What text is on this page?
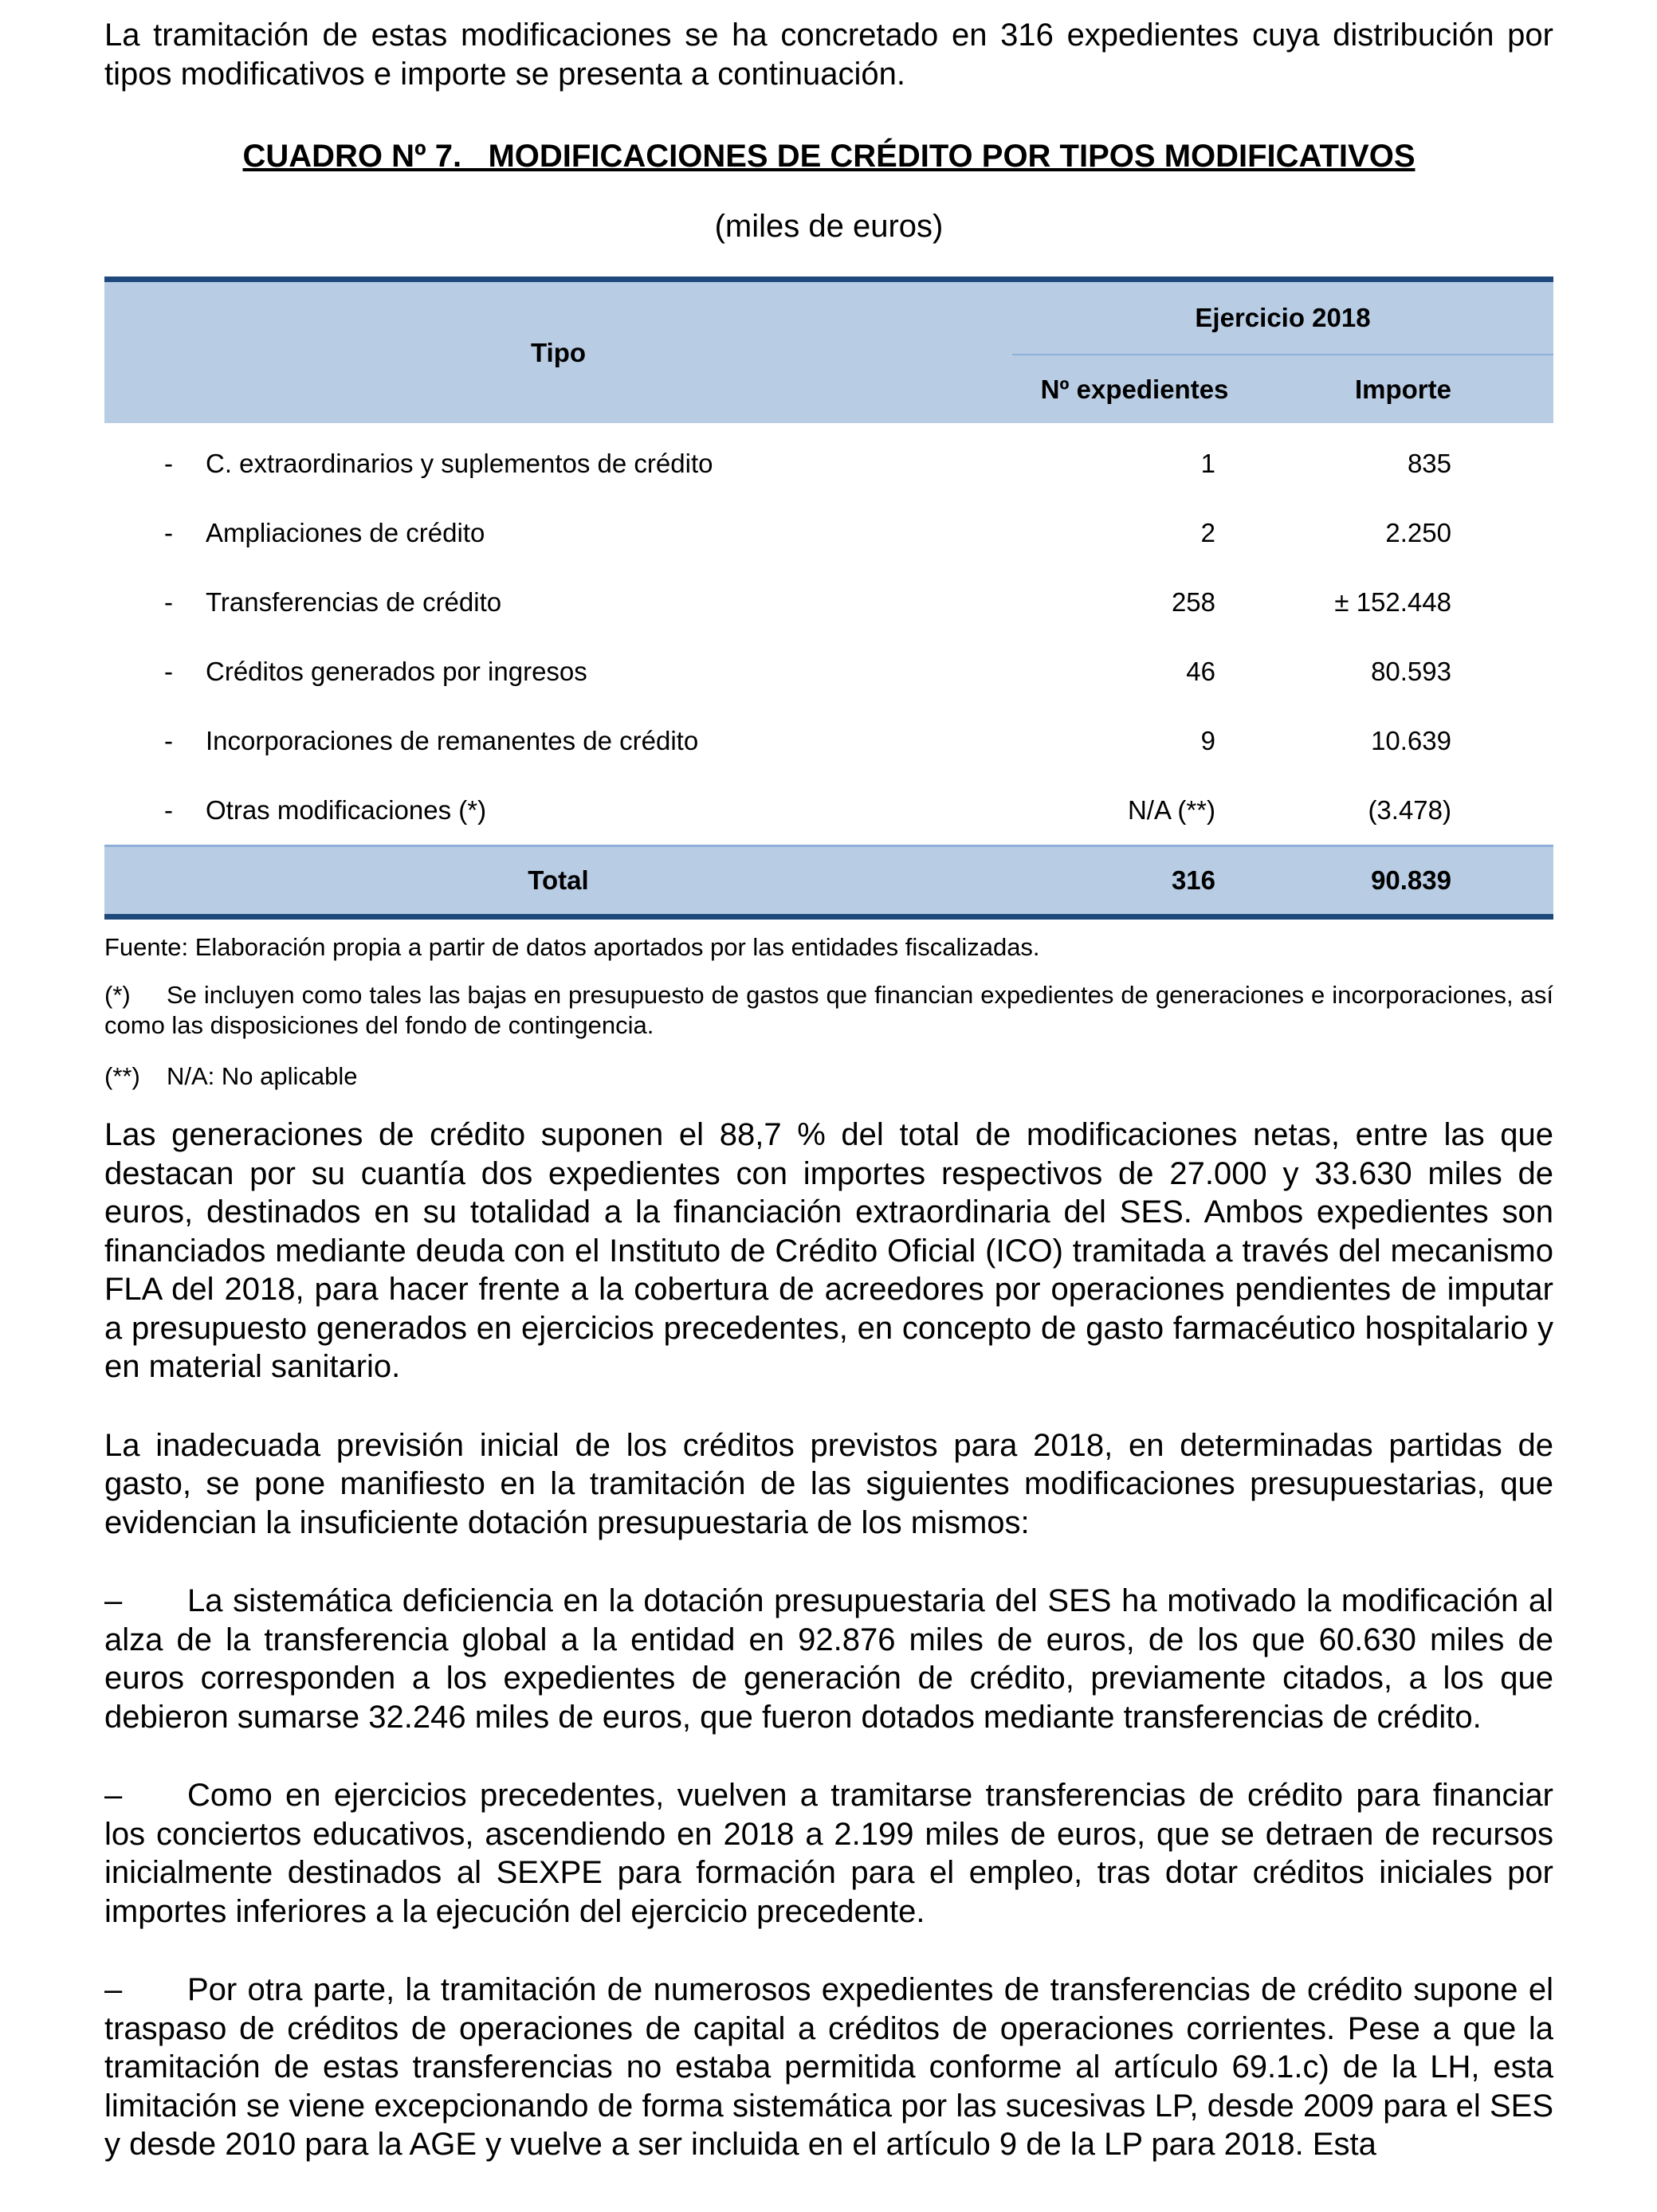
La tramitación de estas modificaciones se ha concretado en 316 expedientes cuya distribución por tipos modificativos e importe se presenta a continuación.

CUADRO Nº 7.   MODIFICACIONES DE CRÉDITO POR TIPOS MODIFICATIVOS
(miles de euros)
Tipo	Ejercicio 2018	
	Nº expedientes	Importe
- C. extraordinarios y suplementos de crédito	1	835
- Ampliaciones de crédito	2	2.250
- Transferencias de crédito	258	± 152.448
- Créditos generados por ingresos	46	80.593
- Incorporaciones de remanentes de crédito	9	10.639
- Otras modificaciones (*)	N/A (**)	(3.478)
Total	316	90.839

Fuente: Elaboración propia a partir de datos aportados por las entidades fiscalizadas.

(*) Se incluyen como tales las bajas en presupuesto de gastos que financian expedientes de generaciones e incorporaciones, así como las disposiciones del fondo de contingencia.

(**) N/A: No aplicable

Las generaciones de crédito suponen el 88,7 % del total de modificaciones netas, entre las que destacan por su cuantía dos expedientes con importes respectivos de 27.000 y 33.630 miles de euros, destinados en su totalidad a la financiación extraordinaria del SES. Ambos expedientes son financiados mediante deuda con el Instituto de Crédito Oficial (ICO) tramitada a través del mecanismo FLA del 2018, para hacer frente a la cobertura de acreedores por operaciones pendientes de imputar a presupuesto generados en ejercicios precedentes, en concepto de gasto farmacéutico hospitalario y en material sanitario.

La inadecuada previsión inicial de los créditos previstos para 2018, en determinadas partidas de gasto, se pone manifiesto en la tramitación de las siguientes modificaciones presupuestarias, que evidencian la insuficiente dotación presupuestaria de los mismos:

– La sistemática deficiencia en la dotación presupuestaria del SES ha motivado la modificación al alza de la transferencia global a la entidad en 92.876 miles de euros, de los que 60.630 miles de euros corresponden a los expedientes de generación de crédito, previamente citados, a los que debieron sumarse 32.246 miles de euros, que fueron dotados mediante transferencias de crédito.

– Como en ejercicios precedentes, vuelven a tramitarse transferencias de crédito para financiar los conciertos educativos, ascendiendo en 2018 a 2.199 miles de euros, que se detraen de recursos inicialmente destinados al SEXPE para formación para el empleo, tras dotar créditos iniciales por importes inferiores a la ejecución del ejercicio precedente.

– Por otra parte, la tramitación de numerosos expedientes de transferencias de crédito supone el traspaso de créditos de operaciones de capital a créditos de operaciones corrientes. Pese a que la tramitación de estas transferencias no estaba permitida conforme al artículo 69.1.c) de la LH, esta limitación se viene excepcionando de forma sistemática por las sucesivas LP, desde 2009 para el SES y desde 2010 para la AGE y vuelve a ser incluida en el artículo 9 de la LP para 2018. Esta
